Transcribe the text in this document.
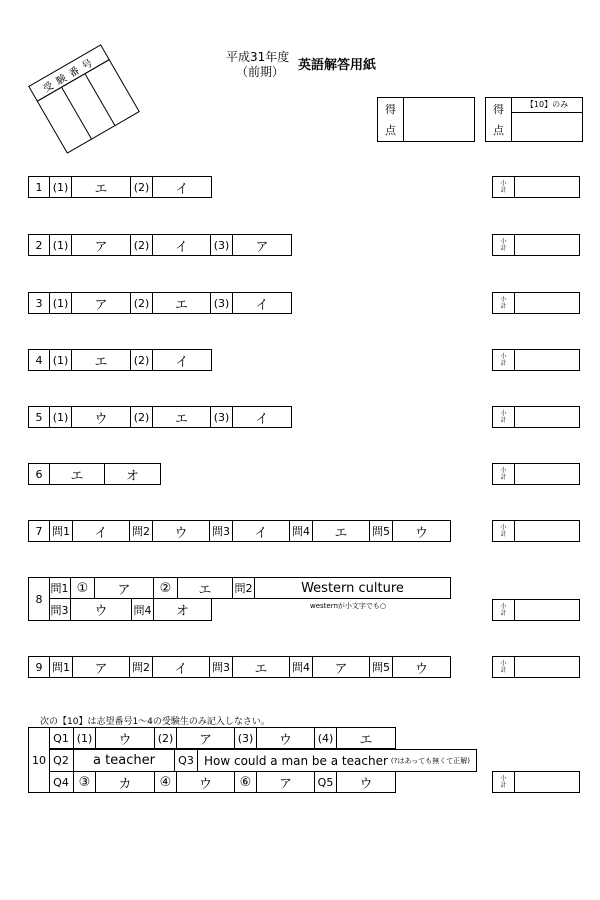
平成31年度
（前期） 英語解答用紙
受験番号
得
点
得
点
【10】のみ
1 (1)	エ	(2)	イ
2 (1)	ア	(2)	イ	(3)	ア
3 (1)	ア	(2)	エ	(3)	イ
4 (1)	エ	(2)	イ
5 (1)	ウ	(2)	エ	(3)	イ
6	エ	オ
7 問1	イ	問2	ウ	問3	イ	問4	エ	問5	ウ
8
問1 ①	ア	②	エ	問2	Western culture
問3	ウ	問4	オ	westernが小文字でも○
9 問1	ア	問2	イ	問3	エ	問4	ア	問5	ウ
次の【10】は志望番号1～4の受験生のみ記入しなさい。
10
Q1 (1)	ウ	(2)	ア	(3)	ウ	(4)	エ
Q2	a teacher	Q3 How could a man be a teacher (?はあっても無くて正解)
Q4 ③	カ	④	ウ	⑥	ア	Q5	ウ
小
計
小
計
小
計
小
計
小
計
小
計
小
計
小
計
小
計
小
計
